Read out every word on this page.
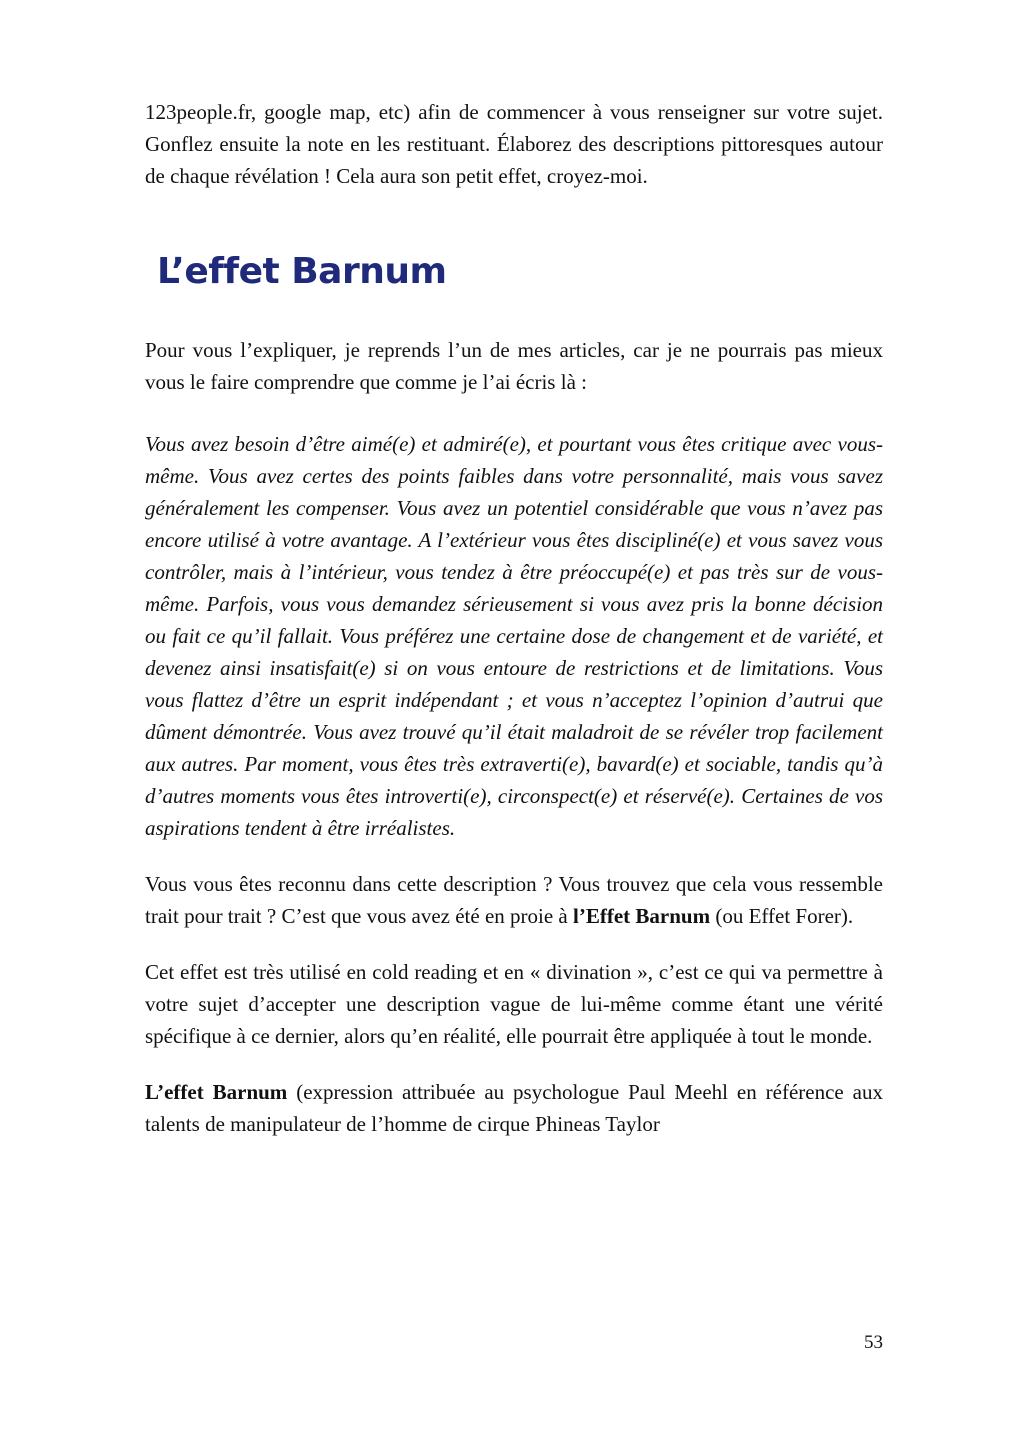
123people.fr, google map, etc) afin de commencer à vous renseigner sur votre sujet. Gonflez ensuite la note en les restituant. Élaborez des descriptions pittoresques autour de chaque révélation ! Cela aura son petit effet, croyez-moi.

L’effet Barnum

Pour vous l’expliquer, je reprends l’un de mes articles, car je ne pourrais pas mieux vous le faire comprendre que comme je l’ai écris là :

Vous avez besoin d’être aimé(e) et admiré(e), et pourtant vous êtes critique avec vous-même. Vous avez certes des points faibles dans votre personnalité, mais vous savez généralement les compenser. Vous avez un potentiel considérable que vous n’avez pas encore utilisé à votre avantage. A l’extérieur vous êtes discipliné(e) et vous savez vous contrôler, mais à l’intérieur, vous tendez à être préoccupé(e) et pas très sur de vous-même. Parfois, vous vous demandez sérieusement si vous avez pris la bonne décision ou fait ce qu’il fallait. Vous préférez une certaine dose de changement et de variété, et devenez ainsi insatisfait(e) si on vous entoure de restrictions et de limitations. Vous vous flattez d’être un esprit indépendant ; et vous n’acceptez l’opinion d’autrui que dûment démontrée. Vous avez trouvé qu’il était maladroit de se révéler trop facilement aux autres. Par moment, vous êtes très extraverti(e), bavard(e) et sociable, tandis qu’à d’autres moments vous êtes introverti(e), circonspect(e) et réservé(e). Certaines de vos aspirations tendent à être irréalistes.

Vous vous êtes reconnu dans cette description ? Vous trouvez que cela vous ressemble trait pour trait ? C’est que vous avez été en proie à l’Effet Barnum (ou Effet Forer).

Cet effet est très utilisé en cold reading et en « divination », c’est ce qui va permettre à votre sujet d’accepter une description vague de lui-même comme étant une vérité spécifique à ce dernier, alors qu’en réalité, elle pourrait être appliquée à tout le monde.

L’effet Barnum (expression attribuée au psychologue Paul Meehl en référence aux talents de manipulateur de l’homme de cirque Phineas Taylor

53
